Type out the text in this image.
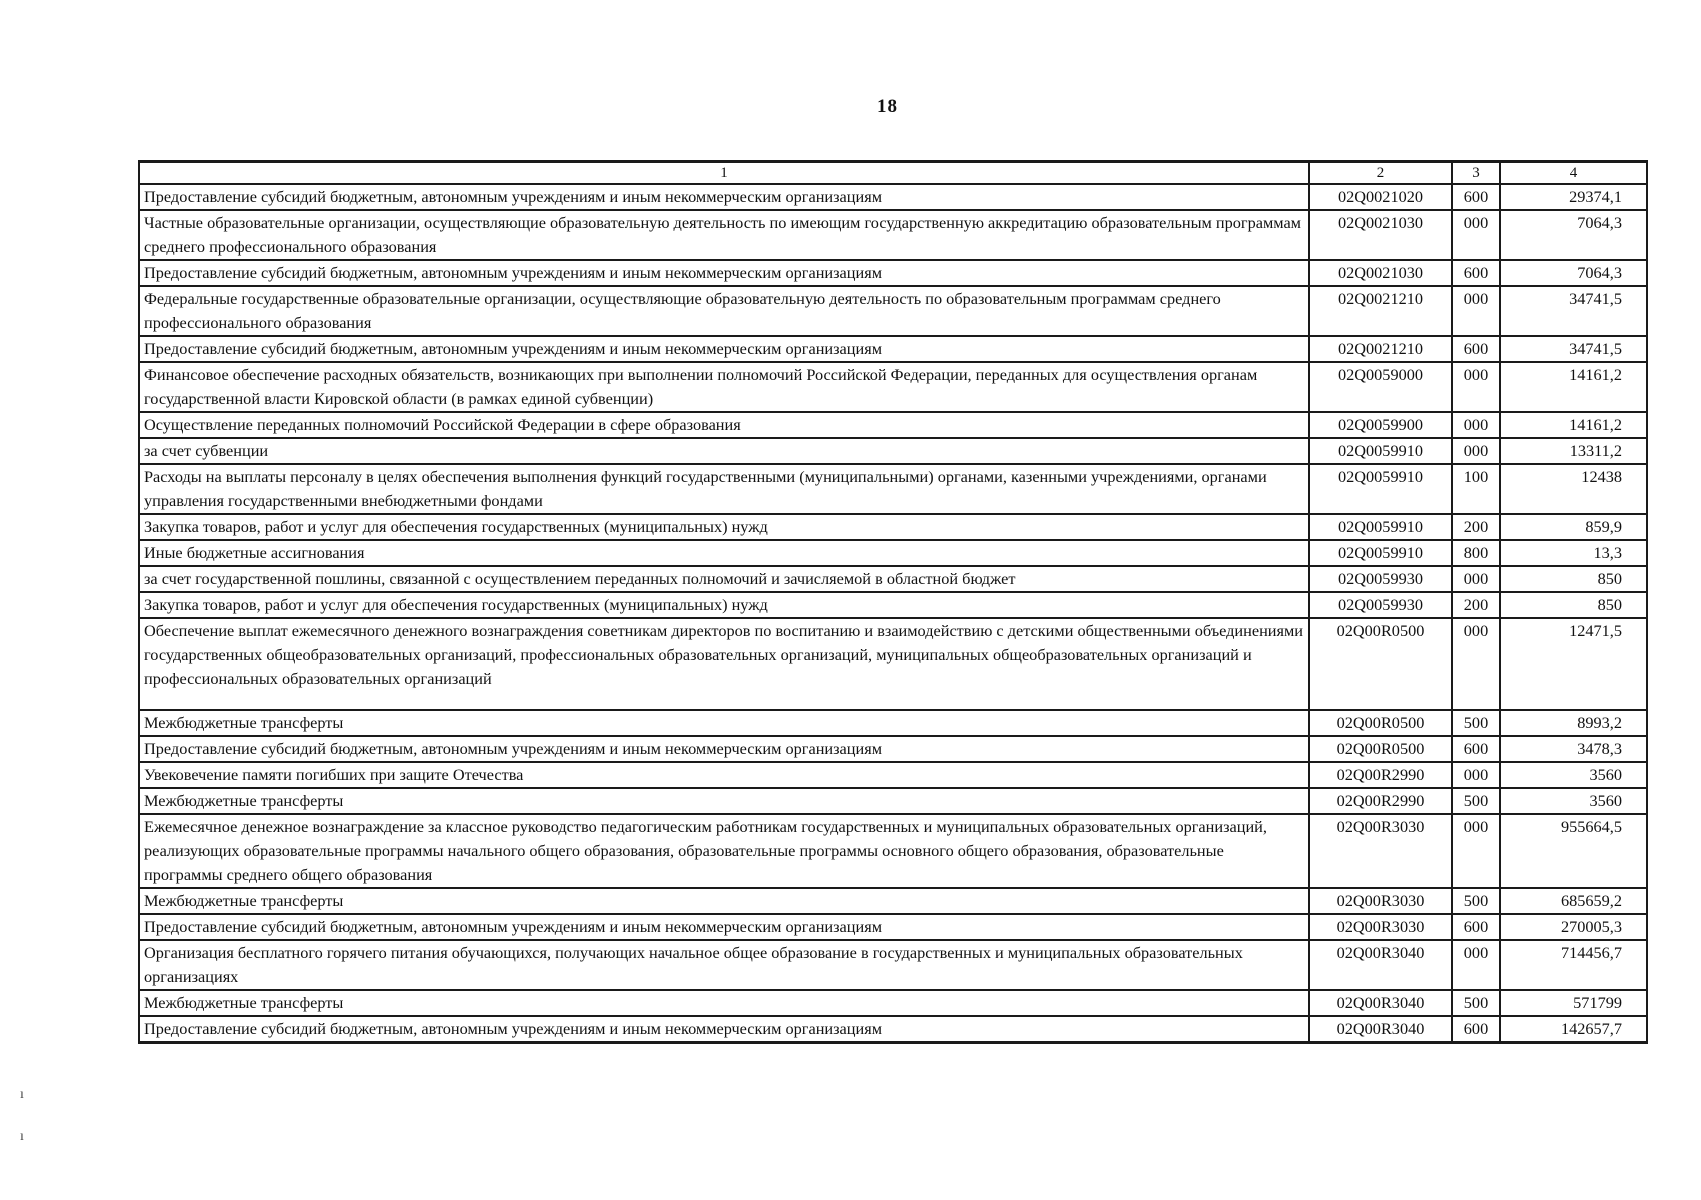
18
ı
ı
1	2	3	4
Предоставление субсидий бюджетным, автономным учреждениям и иным некоммерческим организациям	02Q0021020	600	29374,1
Частные образовательные организации, осуществляющие образовательную деятельность по имеющим государственную аккредитацию образовательным программам среднего профессионального образования	02Q0021030	000	7064,3
Предоставление субсидий бюджетным, автономным учреждениям и иным некоммерческим организациям	02Q0021030	600	7064,3
Федеральные государственные образовательные организации, осуществляющие образовательную деятельность по образовательным программам среднего профессионального образования	02Q0021210	000	34741,5
Предоставление субсидий бюджетным, автономным учреждениям и иным некоммерческим организациям	02Q0021210	600	34741,5
Финансовое обеспечение расходных обязательств, возникающих при выполнении полномочий Российской Федерации, переданных для осуществления органам государственной власти Кировской области (в рамках единой субвенции)	02Q0059000	000	14161,2
Осуществление переданных полномочий Российской Федерации в сфере образования	02Q0059900	000	14161,2
за счет субвенции	02Q0059910	000	13311,2
Расходы на выплаты персоналу в целях обеспечения выполнения функций государственными (муниципальными) органами, казенными учреждениями, органами управления государственными внебюджетными фондами	02Q0059910	100	12438
Закупка товаров, работ и услуг для обеспечения государственных (муниципальных) нужд	02Q0059910	200	859,9
Иные бюджетные ассигнования	02Q0059910	800	13,3
за счет государственной пошлины, связанной с осуществлением переданных полномочий и зачисляемой в областной бюджет	02Q0059930	000	850
Закупка товаров, работ и услуг для обеспечения государственных (муниципальных) нужд	02Q0059930	200	850
Обеспечение выплат ежемесячного денежного вознаграждения советникам директоров по воспитанию и взаимодействию с детскими общественными объединениями государственных общеобразовательных организаций, профессиональных образовательных организаций, муниципальных общеобразовательных организаций и профессиональных образовательных организаций	02Q00R0500	000	12471,5
Межбюджетные трансферты	02Q00R0500	500	8993,2
Предоставление субсидий бюджетным, автономным учреждениям и иным некоммерческим организациям	02Q00R0500	600	3478,3
Увековечение памяти погибших при защите Отечества	02Q00R2990	000	3560
Межбюджетные трансферты	02Q00R2990	500	3560
Ежемесячное денежное вознаграждение за классное руководство педагогическим работникам государственных и муниципальных образовательных организаций, реализующих образовательные программы начального общего образования, образовательные программы основного общего образования, образовательные программы среднего общего образования	02Q00R3030	000	955664,5
Межбюджетные трансферты	02Q00R3030	500	685659,2
Предоставление субсидий бюджетным, автономным учреждениям и иным некоммерческим организациям	02Q00R3030	600	270005,3
Организация бесплатного горячего питания обучающихся, получающих начальное общее образование в государственных и муниципальных образовательных организациях	02Q00R3040	000	714456,7
Межбюджетные трансферты	02Q00R3040	500	571799
Предоставление субсидий бюджетным, автономным учреждениям и иным некоммерческим организациям	02Q00R3040	600	142657,7
